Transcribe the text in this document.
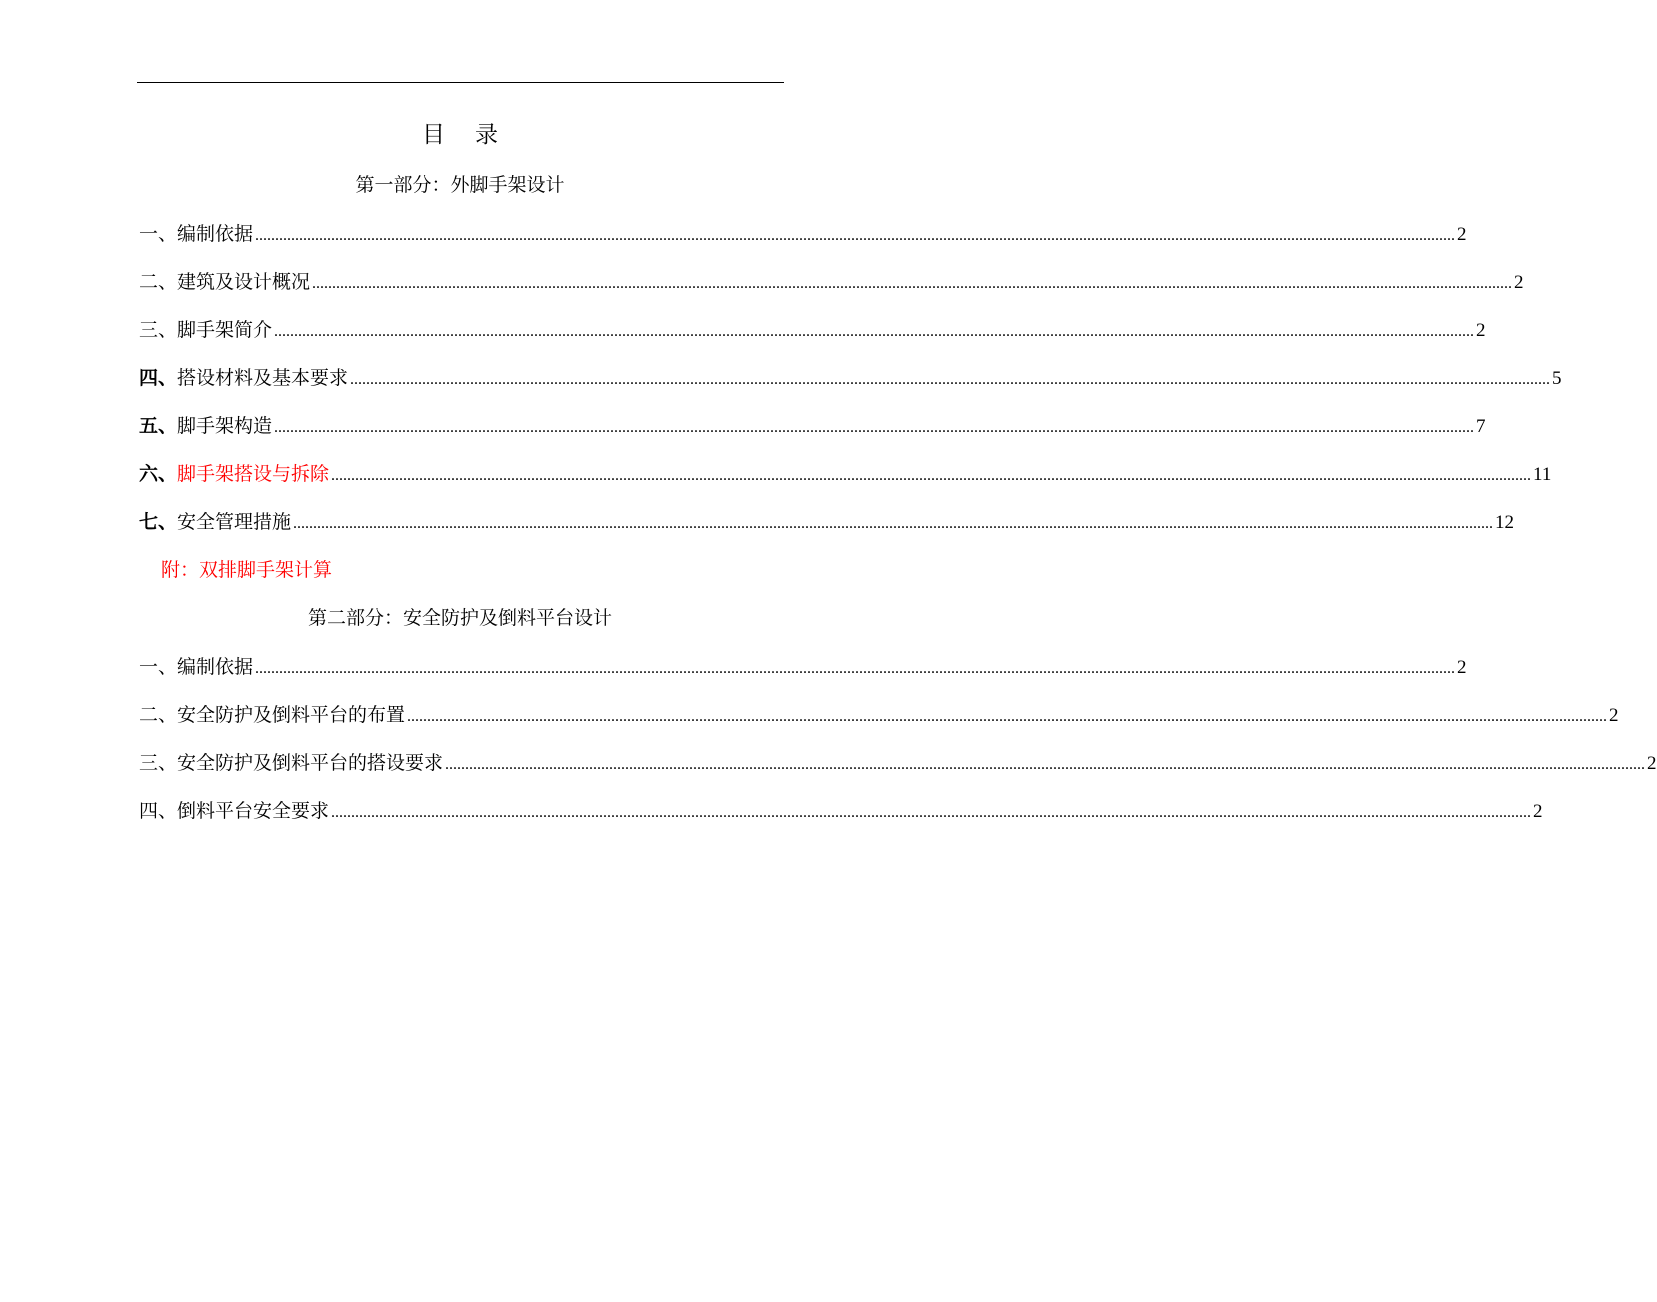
目 录
第一部分：外脚手架设计
一、 编制依据 ............................................................................................................................................................................................................................................................................................................ 2
二、 建筑及设计概况 ............................................................................................................................................................................................................................................................................................................ 2
三、 脚手架简介 ............................................................................................................................................................................................................................................................................................................ 2
四、 搭设材料及基本要求 ............................................................................................................................................................................................................................................................................................................ 5
五、 脚手架构造 ............................................................................................................................................................................................................................................................................................................ 7
六、 脚手架搭设与拆除 ............................................................................................................................................................................................................................................................................................................ 11
七、 安全管理措施 ............................................................................................................................................................................................................................................................................................................ 12
附：双排脚手架计算
第二部分：安全防护及倒料平台设计
一、 编制依据 ............................................................................................................................................................................................................................................................................................................ 2
二、 安全防护及倒料平台的布置 ............................................................................................................................................................................................................................................................................................................ 2
三、 安全防护及倒料平台的搭设要求 ............................................................................................................................................................................................................................................................................................................ 2
四、 倒料平台安全要求 ............................................................................................................................................................................................................................................................................................................ 2
